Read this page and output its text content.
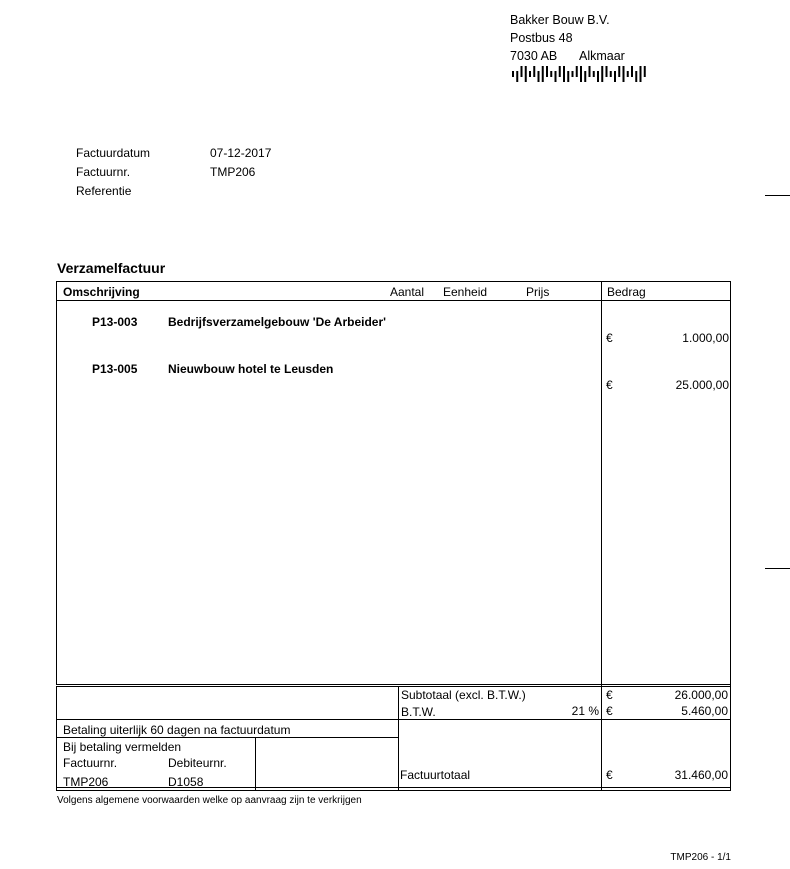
Bakker Bouw B.V.
Postbus 48
7030 AB Alkmaar
Factuurdatum	07-12-2017
Factuurnr.	TMP206
Referentie
Verzamelfactuur
Omschrijving	Aantal Eenheid	Prijs	Bedrag
P13-003	Bedrijfsverzamelgebouw 'De Arbeider'
€	1.000,00
P13-005	Nieuwbouw hotel te Leusden
€	25.000,00
Subtotaal (excl. B.T.W.)	€	26.000,00
B.T.W.	21 % €	5.460,00
Betaling uiterlijk 60 dagen na factuurdatum
Bij betaling vermelden
Factuurnr.	Debiteurnr.
TMP206	D1058	Factuurtotaal	€	31.460,00
Volgens algemene voorwaarden welke op aanvraag zijn te verkrijgen
TMP206 - 1/1
